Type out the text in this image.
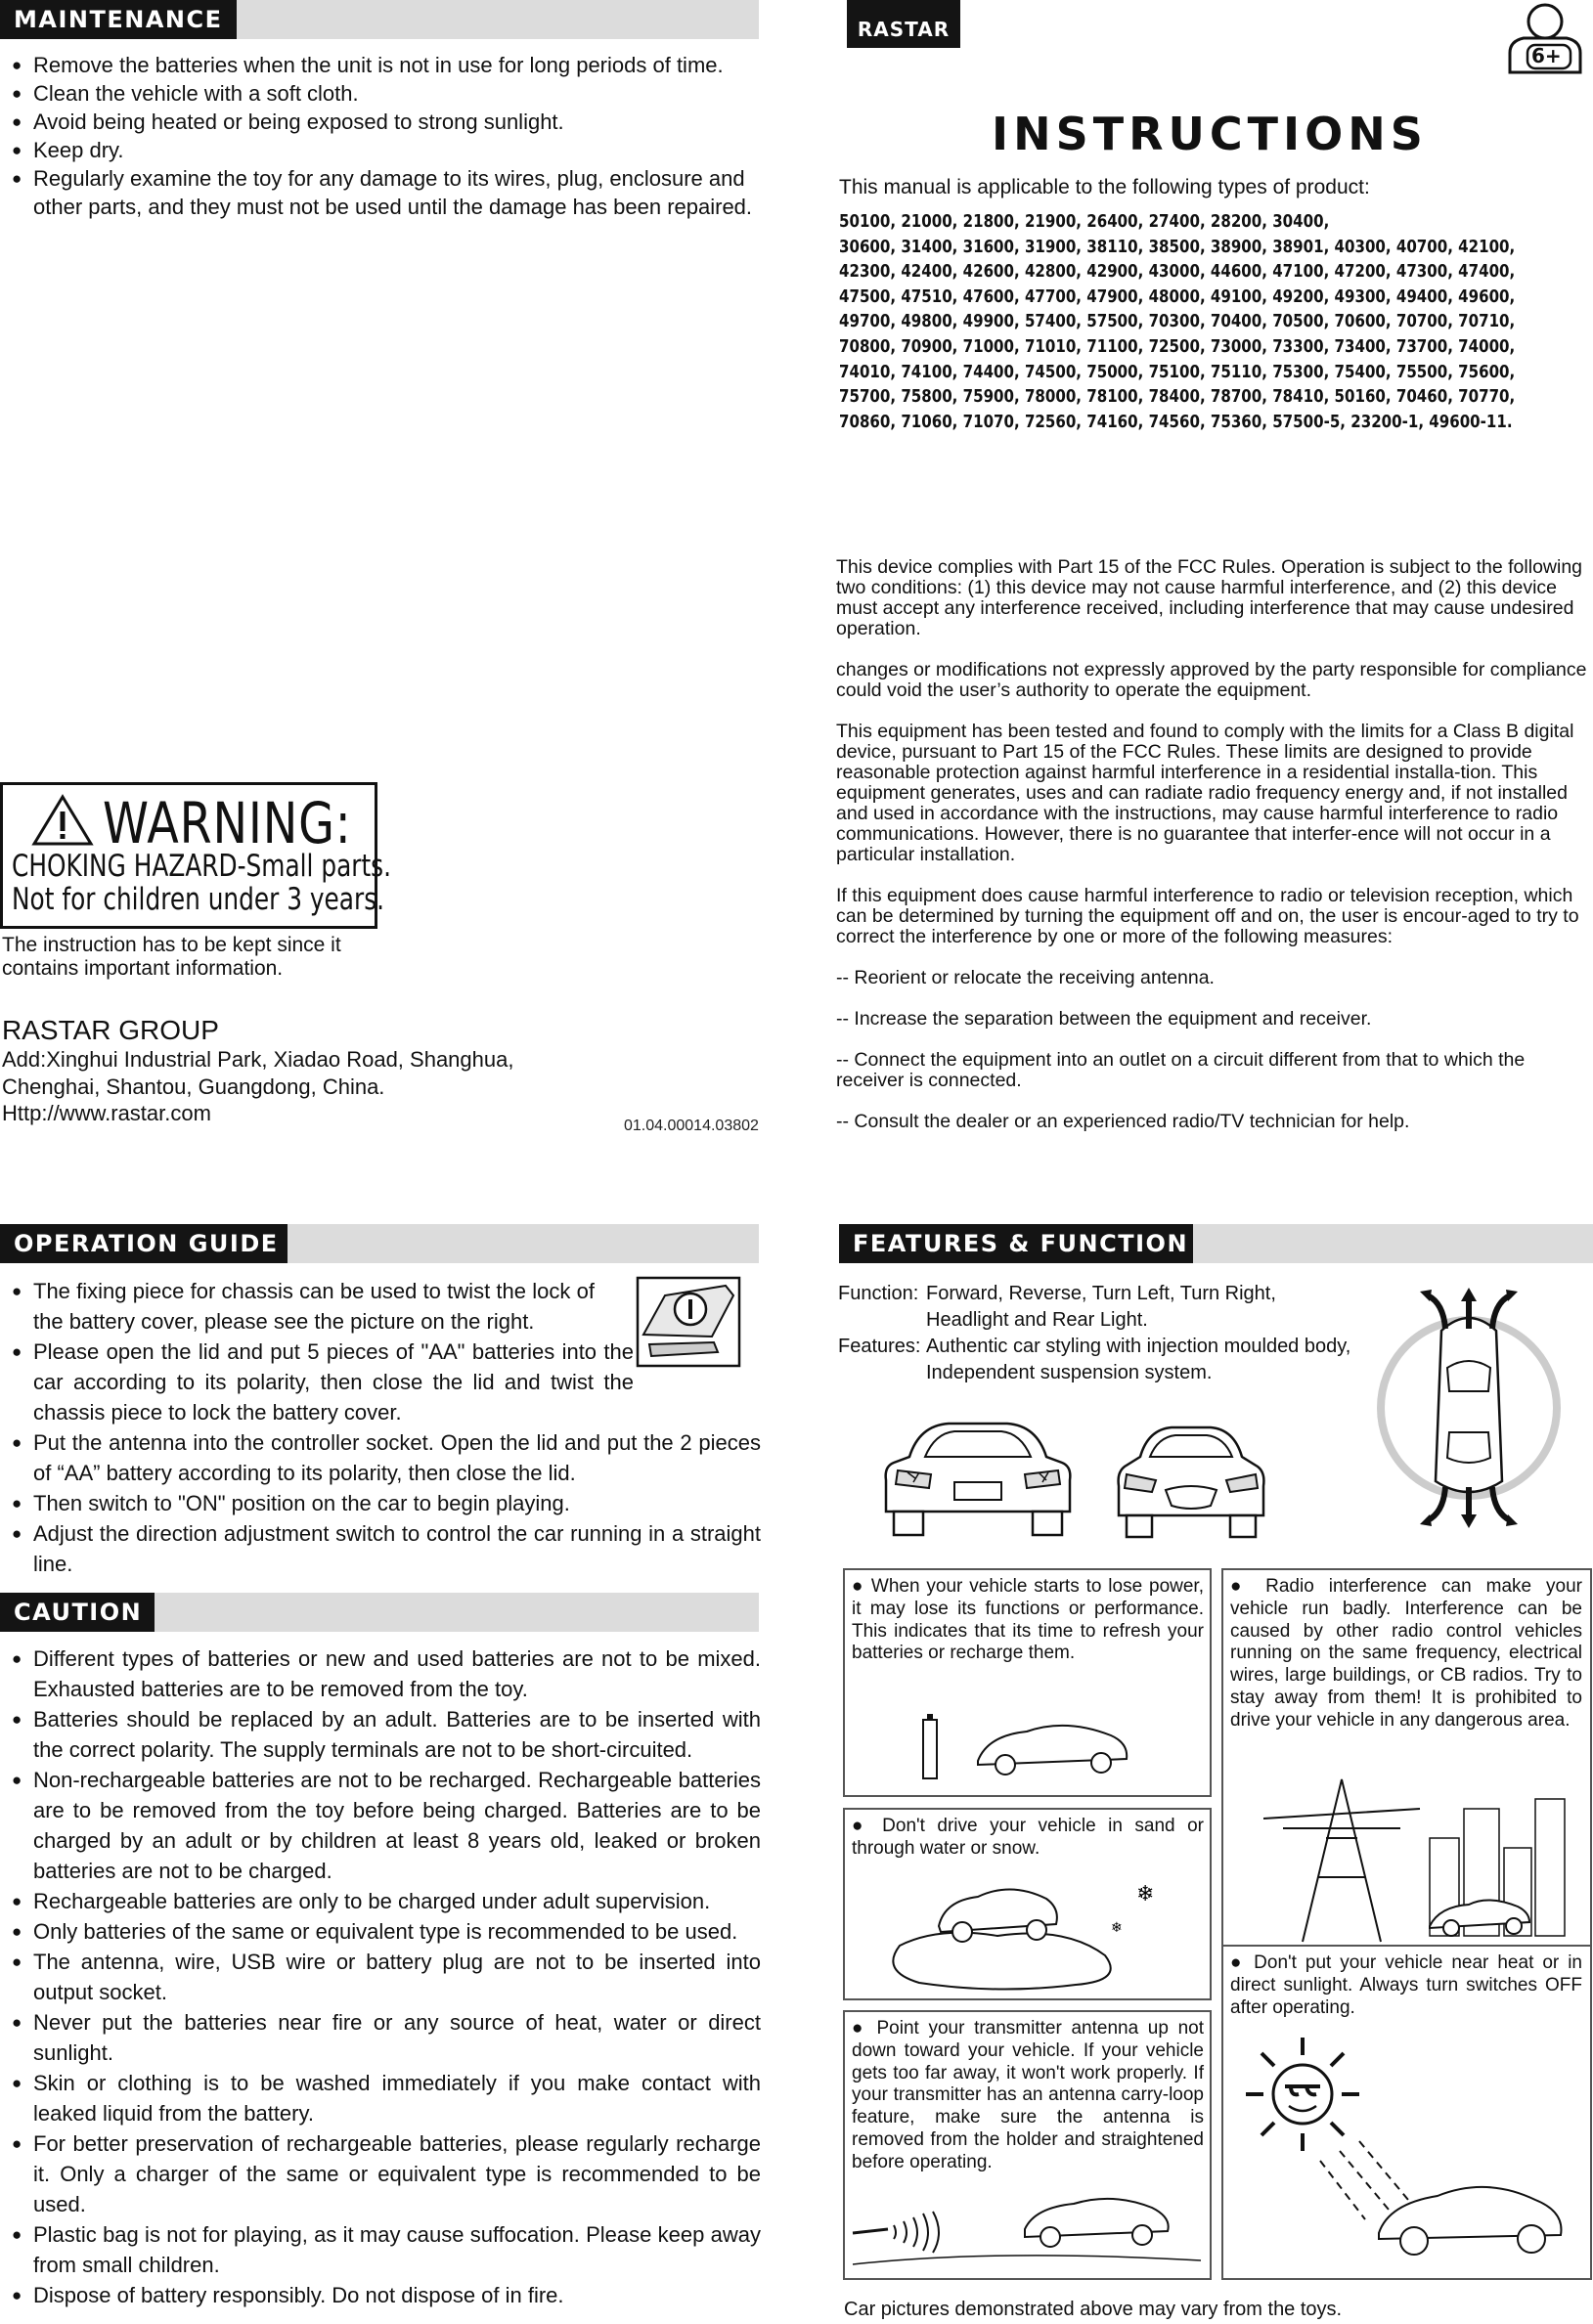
MAINTENANCE
● Remove the batteries when the unit is not in use for long periods of time.
● Clean the vehicle with a soft cloth.
● Avoid being heated or being exposed to strong sunlight.
● Keep dry.
● Regularly examine the toy for any damage to its wires, plug, enclosure and other parts, and they must not be used until the damage has been repaired.
RASTAR
6+
INSTRUCTIONS
This manual is applicable to the following types of product:
50100, 21000, 21800, 21900, 26400, 27400, 28200, 30400,
30600, 31400, 31600, 31900, 38110, 38500, 38900, 38901, 40300, 40700, 42100,
42300, 42400, 42600, 42800, 42900, 43000, 44600, 47100, 47200, 47300, 47400,
47500, 47510, 47600, 47700, 47900, 48000, 49100, 49200, 49300, 49400, 49600,
49700, 49800, 49900, 57400, 57500, 70300, 70400, 70500, 70600, 70700, 70710,
70800, 70900, 71000, 71010, 71100, 72500, 73000, 73300, 73400, 73700, 74000,
74010, 74100, 74400, 74500, 75000, 75100, 75110, 75300, 75400, 75500, 75600,
75700, 75800, 75900, 78000, 78100, 78400, 78700, 78410, 50160, 70460, 70770,
70860, 71060, 71070, 72560, 74160, 74560, 75360, 57500-5, 23200-1, 49600-11.

This device complies with Part 15 of the FCC Rules. Operation is subject to the following two conditions: (1) this device may not cause harmful interference, and (2) this device must accept any interference received, including interference that may cause undesired operation.

changes or modifications not expressly approved by the party responsible for compliance could void the user’s authority to operate the equipment.

This equipment has been tested and found to comply with the limits for a Class B digital device, pursuant to Part 15 of the FCC Rules. These limits are designed to provide reasonable protection against harmful interference in a residential installa-tion. This equipment generates, uses and can radiate radio frequency energy and, if not installed and used in accordance with the instructions, may cause harmful interference to radio communications. However, there is no guarantee that interfer-ence will not occur in a particular installation.

If this equipment does cause harmful interference to radio or television reception, which can be determined by turning the equipment off and on, the user is encour-aged to try to correct the interference by one or more of the following measures:

-- Reorient or relocate the receiving antenna.

-- Increase the separation between the equipment and receiver.

-- Connect the equipment into an outlet on a circuit different from that to which the receiver is connected.

-- Consult the dealer or an experienced radio/TV technician for help.

WARNING:
CHOKING HAZARD-Small parts.
Not for children under 3 years.
The instruction has to be kept since it contains important information.
RASTAR GROUP
Add:Xinghui Industrial Park, Xiadao Road, Shanghua,
Chenghai, Shantou, Guangdong, China.
Http://www.rastar.com
01.04.00014.03802
OPERATION GUIDE
● The fixing piece for chassis can be used to twist the lock of the battery cover, please see the picture on the right.
● Please open the lid and put 5 pieces of "AA" batteries into the car according to its polarity, then close the lid and twist the chassis piece to lock the battery cover.
● Put the antenna into the controller socket. Open the lid and put the 2 pieces of “AA” battery according to its polarity, then close the lid.
● Then switch to "ON" position on the car to begin playing.
● Adjust the direction adjustment switch to control the car running in a straight line.
CAUTION
● Different types of batteries or new and used batteries are not to be mixed. Exhausted batteries are to be removed from the toy.
● Batteries should be replaced by an adult. Batteries are to be inserted with the correct polarity. The supply terminals are not to be short-circuited.
● Non-rechargeable batteries are not to be recharged. Rechargeable batteries are to be removed from the toy before being charged. Batteries are to be charged by an adult or by children at least 8 years old, leaked or broken batteries are not to be charged.
● Rechargeable batteries are only to be charged under adult supervision.
● Only batteries of the same or equivalent type is recommended to be used.
● The antenna, wire, USB wire or battery plug are not to be inserted into output socket.
● Never put the batteries near fire or any source of heat, water or direct sunlight.
● Skin or clothing is to be washed immediately if you make contact with leaked liquid from the battery.
● For better preservation of rechargeable batteries, please regularly recharge it. Only a charger of the same or equivalent type is recommended to be used.
● Plastic bag is not for playing, as it may cause suffocation. Please keep away from small children.
● Dispose of battery responsibly. Do not dispose of in fire.
FEATURES & FUNCTION
Function: Forward, Reverse, Turn Left, Turn Right,
Headlight and Rear Light.
Features: Authentic car styling with injection moulded body,
Independent suspension system.
● When your vehicle starts to lose power, it may lose its functions or performance. This indicates that its time to refresh your batteries or recharge them.
● Radio interference can make your vehicle run badly. Interference can be caused by other radio control vehicles running on the same frequency, electrical wires, large buildings, or CB radios. Try to stay away from them! It is prohibited to drive your vehicle in any dangerous area.
● Don't drive your vehicle in sand or through water or snow.
❄
❄
● Don't put your vehicle near heat or in direct sunlight. Always turn switches OFF after operating.
● Point your transmitter antenna up not down toward your vehicle. If your vehicle gets too far away, it won't work properly. If your transmitter has an antenna carry-loop feature, make sure the antenna is removed from the holder and straightened before operating.
Car pictures demonstrated above may vary from the toys.
